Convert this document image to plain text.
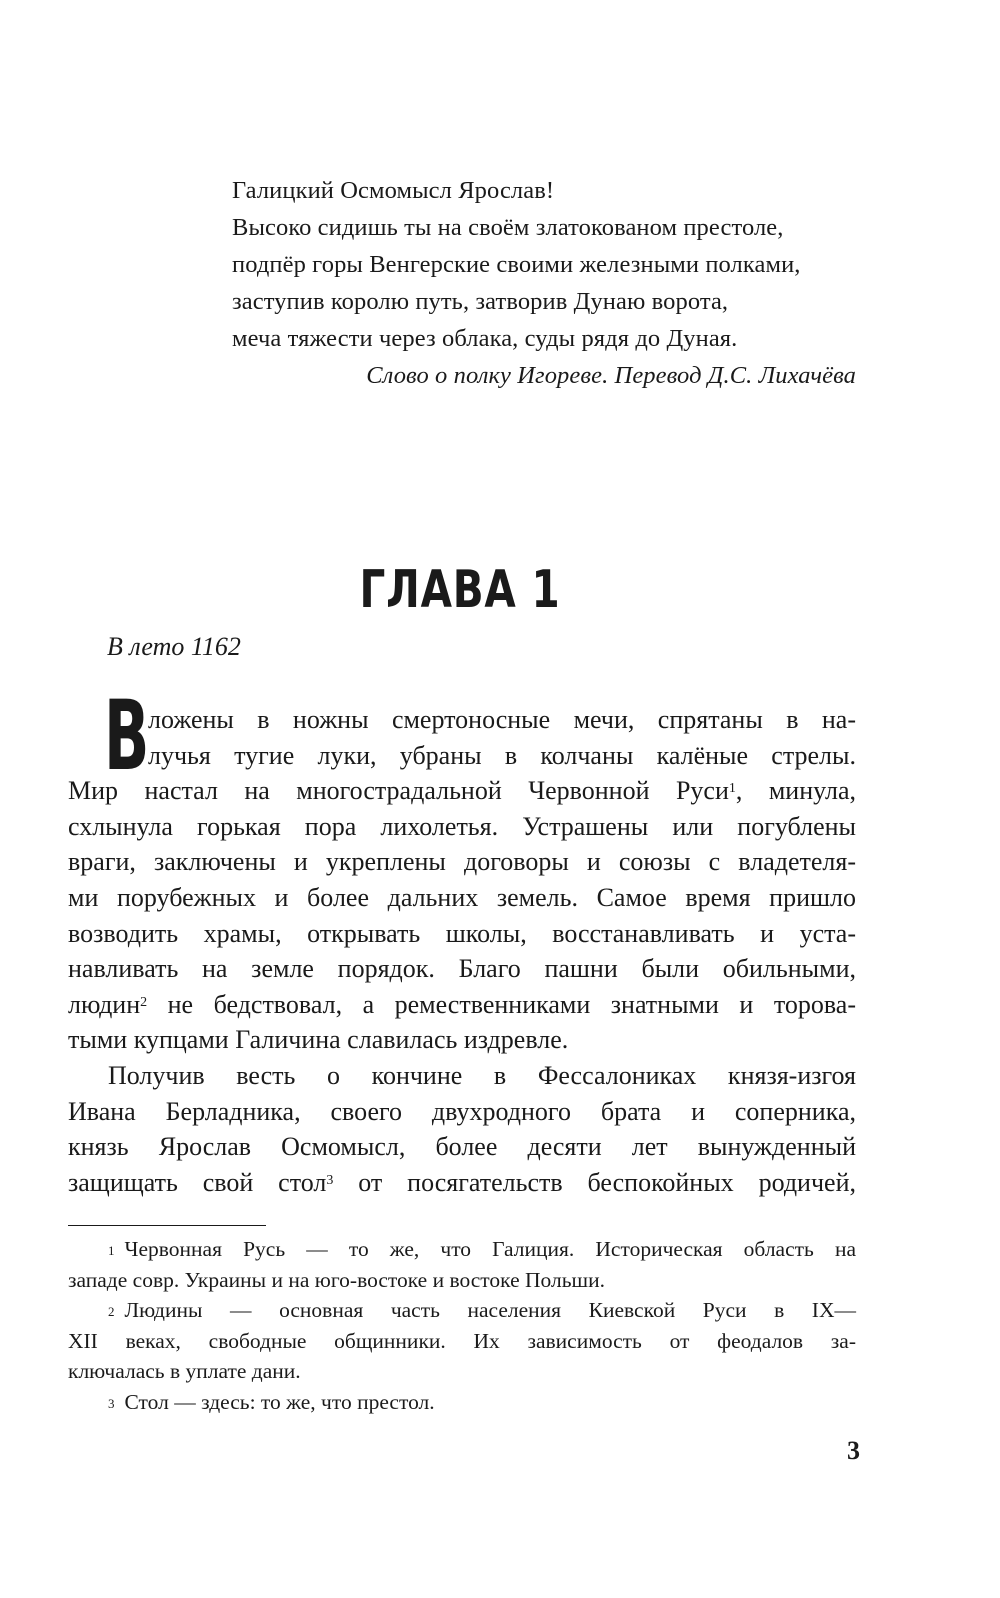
Галицкий Осмомысл Ярослав!
Высоко сидишь ты на своём златокованом престоле,
подпёр горы Венгерские своими железными полками,
заступив королю путь, затворив Дунаю ворота,
меча тяжести через облака, суды рядя до Дуная.
Слово о полку Игореве. Перевод Д.С. Лихачёва
ГЛАВА 1
В лето 1162
В
ложены в ножны смертоносные мечи, спрятаны в на-
лучья тугие луки, убраны в колчаны калёные стрелы.
Мир настал на многострадальной Червонной Руси$^1$, минула,
схлынула горькая пора лихолетья. Устрашены или погублены
враги, заключены и укреплены договоры и союзы с владетеля-
ми порубежных и более дальних земель. Самое время пришло
возводить храмы, открывать школы, восстанавливать и уста-
навливать на земле порядок. Благо пашни были обильными,
людин$^2$ не бедствовал, а ремественниками знатными и торова-
тыми купцами Галичина славилась издревле.
Получив весть о кончине в Фессалониках князя-изгоя
Ивана Берладника, своего двухродного брата и соперника,
князь Ярослав Осмомысл, более десяти лет вынужденный
защищать свой стол$^3$ от посягательств беспокойных родичей,
$^1$ Червонная Русь — то же, что Галиция. Историческая область на
западе совр. Украины и на юго-востоке и востоке Польши.
$^2$ Людины — основная часть населения Киевской Руси в IX—
XII веках, свободные общинники. Их зависимость от феодалов за-
ключалась в уплате дани.
$^3$ Стол — здесь: то же, что престол.
3
